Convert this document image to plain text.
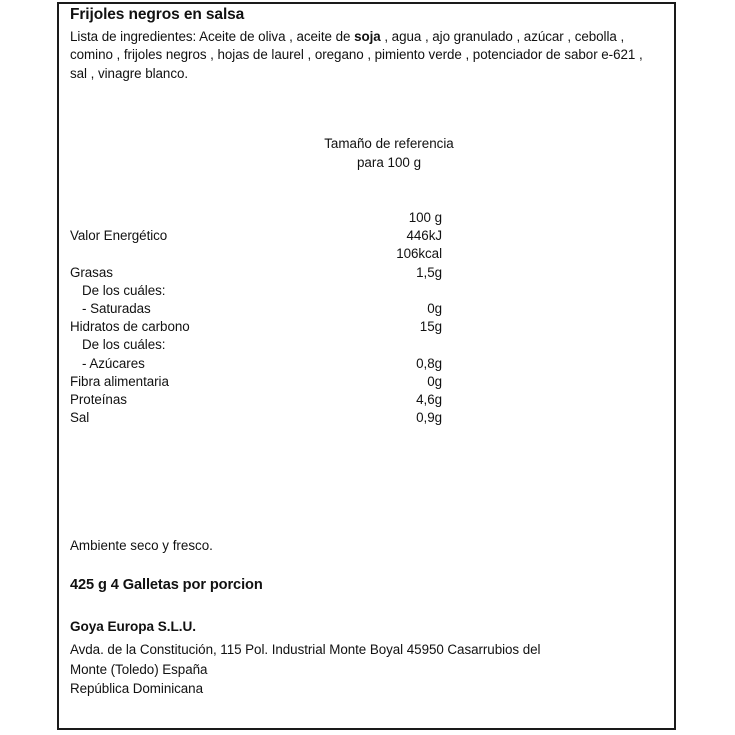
Frijoles negros en salsa
Lista de ingredientes: Aceite de oliva , aceite de soja , agua , ajo granulado , azúcar , cebolla , comino , frijoles negros , hojas de laurel , oregano , pimiento verde , potenciador de sabor e-621 , sal , vinagre blanco.
Tamaño de referencia
para 100 g
100 g
Valor Energético	446kJ
106kcal
Grasas	1,5g
De los cuáles:
- Saturadas	0g
Hidratos de carbono	15g
De los cuáles:
- Azúcares	0,8g
Fibra alimentaria	0g
Proteínas	4,6g
Sal	0,9g
Ambiente seco y fresco.
425 g 4 Galletas por porcion
Goya Europa S.L.U.
Avda. de la Constitución, 115 Pol. Industrial Monte Boyal 45950 Casarrubios del
Monte (Toledo) España
República Dominicana
